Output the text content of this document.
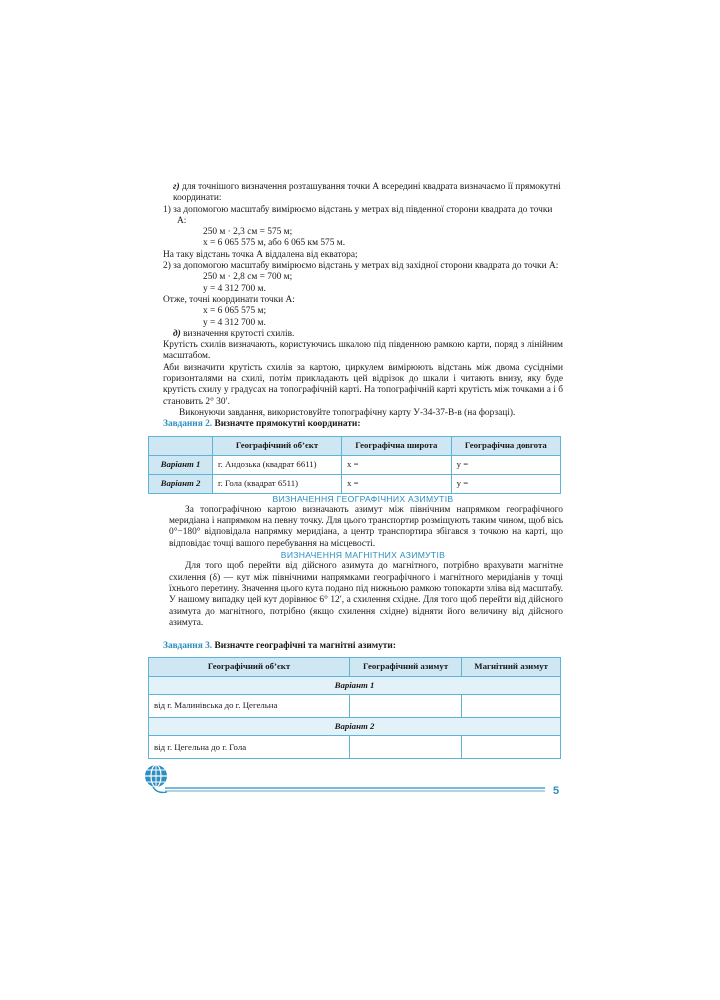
г) для точнішого визначення розташування точки А всередині квадрата визначаємо її прямокутні координати:

1) за допомогою масштабу вимірюємо відстань у метрах від південної сторони квадрата до точки А:

250 м · 2,3 см = 575 м;

x = 6 065 575 м, або 6 065 км 575 м.

На таку відстань точка А віддалена від екватора;

2) за допомогою масштабу вимірюємо відстань у метрах від західної сторони квадрата до точки А:

250 м · 2,8 см = 700 м;

y = 4 312 700 м.

Отже, точні координати точки А:

x = 6 065 575 м;

y = 4 312 700 м.

д) визначення крутості схилів.

Крутість схилів визначають, користуючись шкалою під південною рамкою карти, поряд з лінійним масштабом.

Аби визначити крутість схилів за картою, циркулем вимірюють відстань між двома сусідніми горизонталями на схилі, потім прикладають цей відрізок до шкали і читають внизу, яку буде крутість схилу у градусах на топографічній карті. На топографічній карті крутість між точками а і б становить 2° 30′.

Виконуючи завдання, використовуйте топографічну карту У-34-37-В-в (на форзаці).

Завдання 2. Визначте прямокутні координати:

	Географічний об’єкт	Географічна широта	Географічна довгота
Варіант 1	г. Андозька (квадрат 6611)	x =	y =
Варіант 2	г. Гола (квадрат 6511)	x =	y =

ВИЗНАЧЕННЯ ГЕОГРАФІЧНИХ АЗИМУТІВ

За топографічною картою визначають азимут між північним напрямком географічного меридіана і напрямком на певну точку. Для цього транспортир розміщують таким чином, щоб вісь 0°−180° відповідала напрямку меридіана, а центр транспортира збігався з точкою на карті, що відповідає точці вашого перебування на місцевості.

ВИЗНАЧЕННЯ МАГНІТНИХ АЗИМУТІВ

Для того щоб перейти від дійсного азимута до магнітного, потрібно врахувати магнітне схилення (δ) — кут між північними напрямками географічного і магнітного меридіанів у точці їхнього перетину. Значення цього кута подано під нижньою рамкою топокарти зліва від масштабу. У нашому випадку цей кут дорівнює 6° 12′, а схилення східне. Для того щоб перейти від дійсного азимута до магнітного, потрібно (якщо схилення східне) відняти його величину від дійсного азимута.

Завдання 3. Визначте географічні та магнітні азимути:

Географічний об’єкт	Географічний азимут	Магнітний азимут
Варіант 1		
від г. Малинівська до г. Цегельна		
Варіант 2		
від г. Цегельна до г. Гола		
5
